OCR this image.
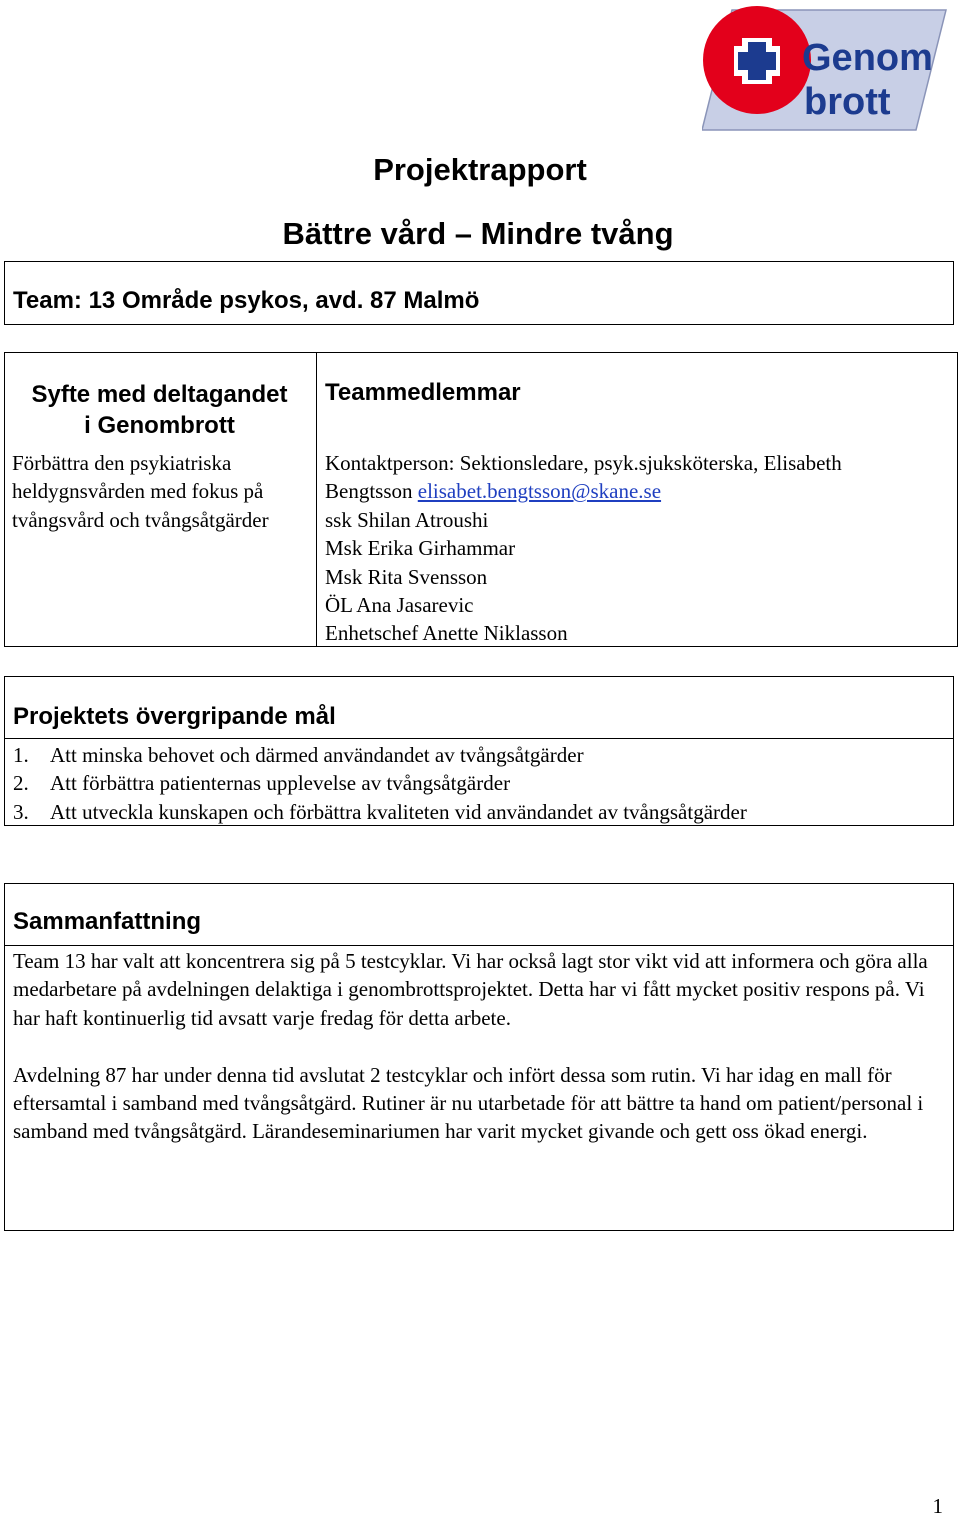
Genom
brott
Projektrapport
Bättre vård – Mindre tvång
Team: 13 Område psykos, avd. 87 Malmö
Syfte med deltagandet
i Genombrott
Förbättra den psykiatriska heldygnsvården med fokus på tvångsvård och tvångsåtgärder
Teammedlemmar
Kontaktperson: Sektionsledare, psyk.sjuksköterska, Elisabeth
Bengtsson elisabet.bengtsson@skane.se
ssk Shilan Atroushi
Msk Erika Girhammar
Msk Rita Svensson
ÖL Ana Jasarevic
Enhetschef Anette Niklasson
Projektets övergripande mål
1. Att minska behovet och därmed användandet av tvångsåtgärder
2. Att förbättra patienternas upplevelse av tvångsåtgärder
3. Att utveckla kunskapen och förbättra kvaliteten vid användandet av tvångsåtgärder
Sammanfattning

Team 13 har valt att koncentrera sig på 5 testcyklar. Vi har också lagt stor vikt vid att informera och göra alla medarbetare på avdelningen delaktiga i genombrottsprojektet. Detta har vi fått mycket positiv respons på. Vi har haft kontinuerlig tid avsatt varje fredag för detta arbete.

Avdelning 87 har under denna tid avslutat 2 testcyklar och infört dessa som rutin. Vi har idag en mall för eftersamtal i samband med tvångsåtgärd. Rutiner är nu utarbetade för att bättre ta hand om patient/personal i samband med tvångsåtgärd. Lärandeseminariumen har varit mycket givande och gett oss ökad energi.

1
